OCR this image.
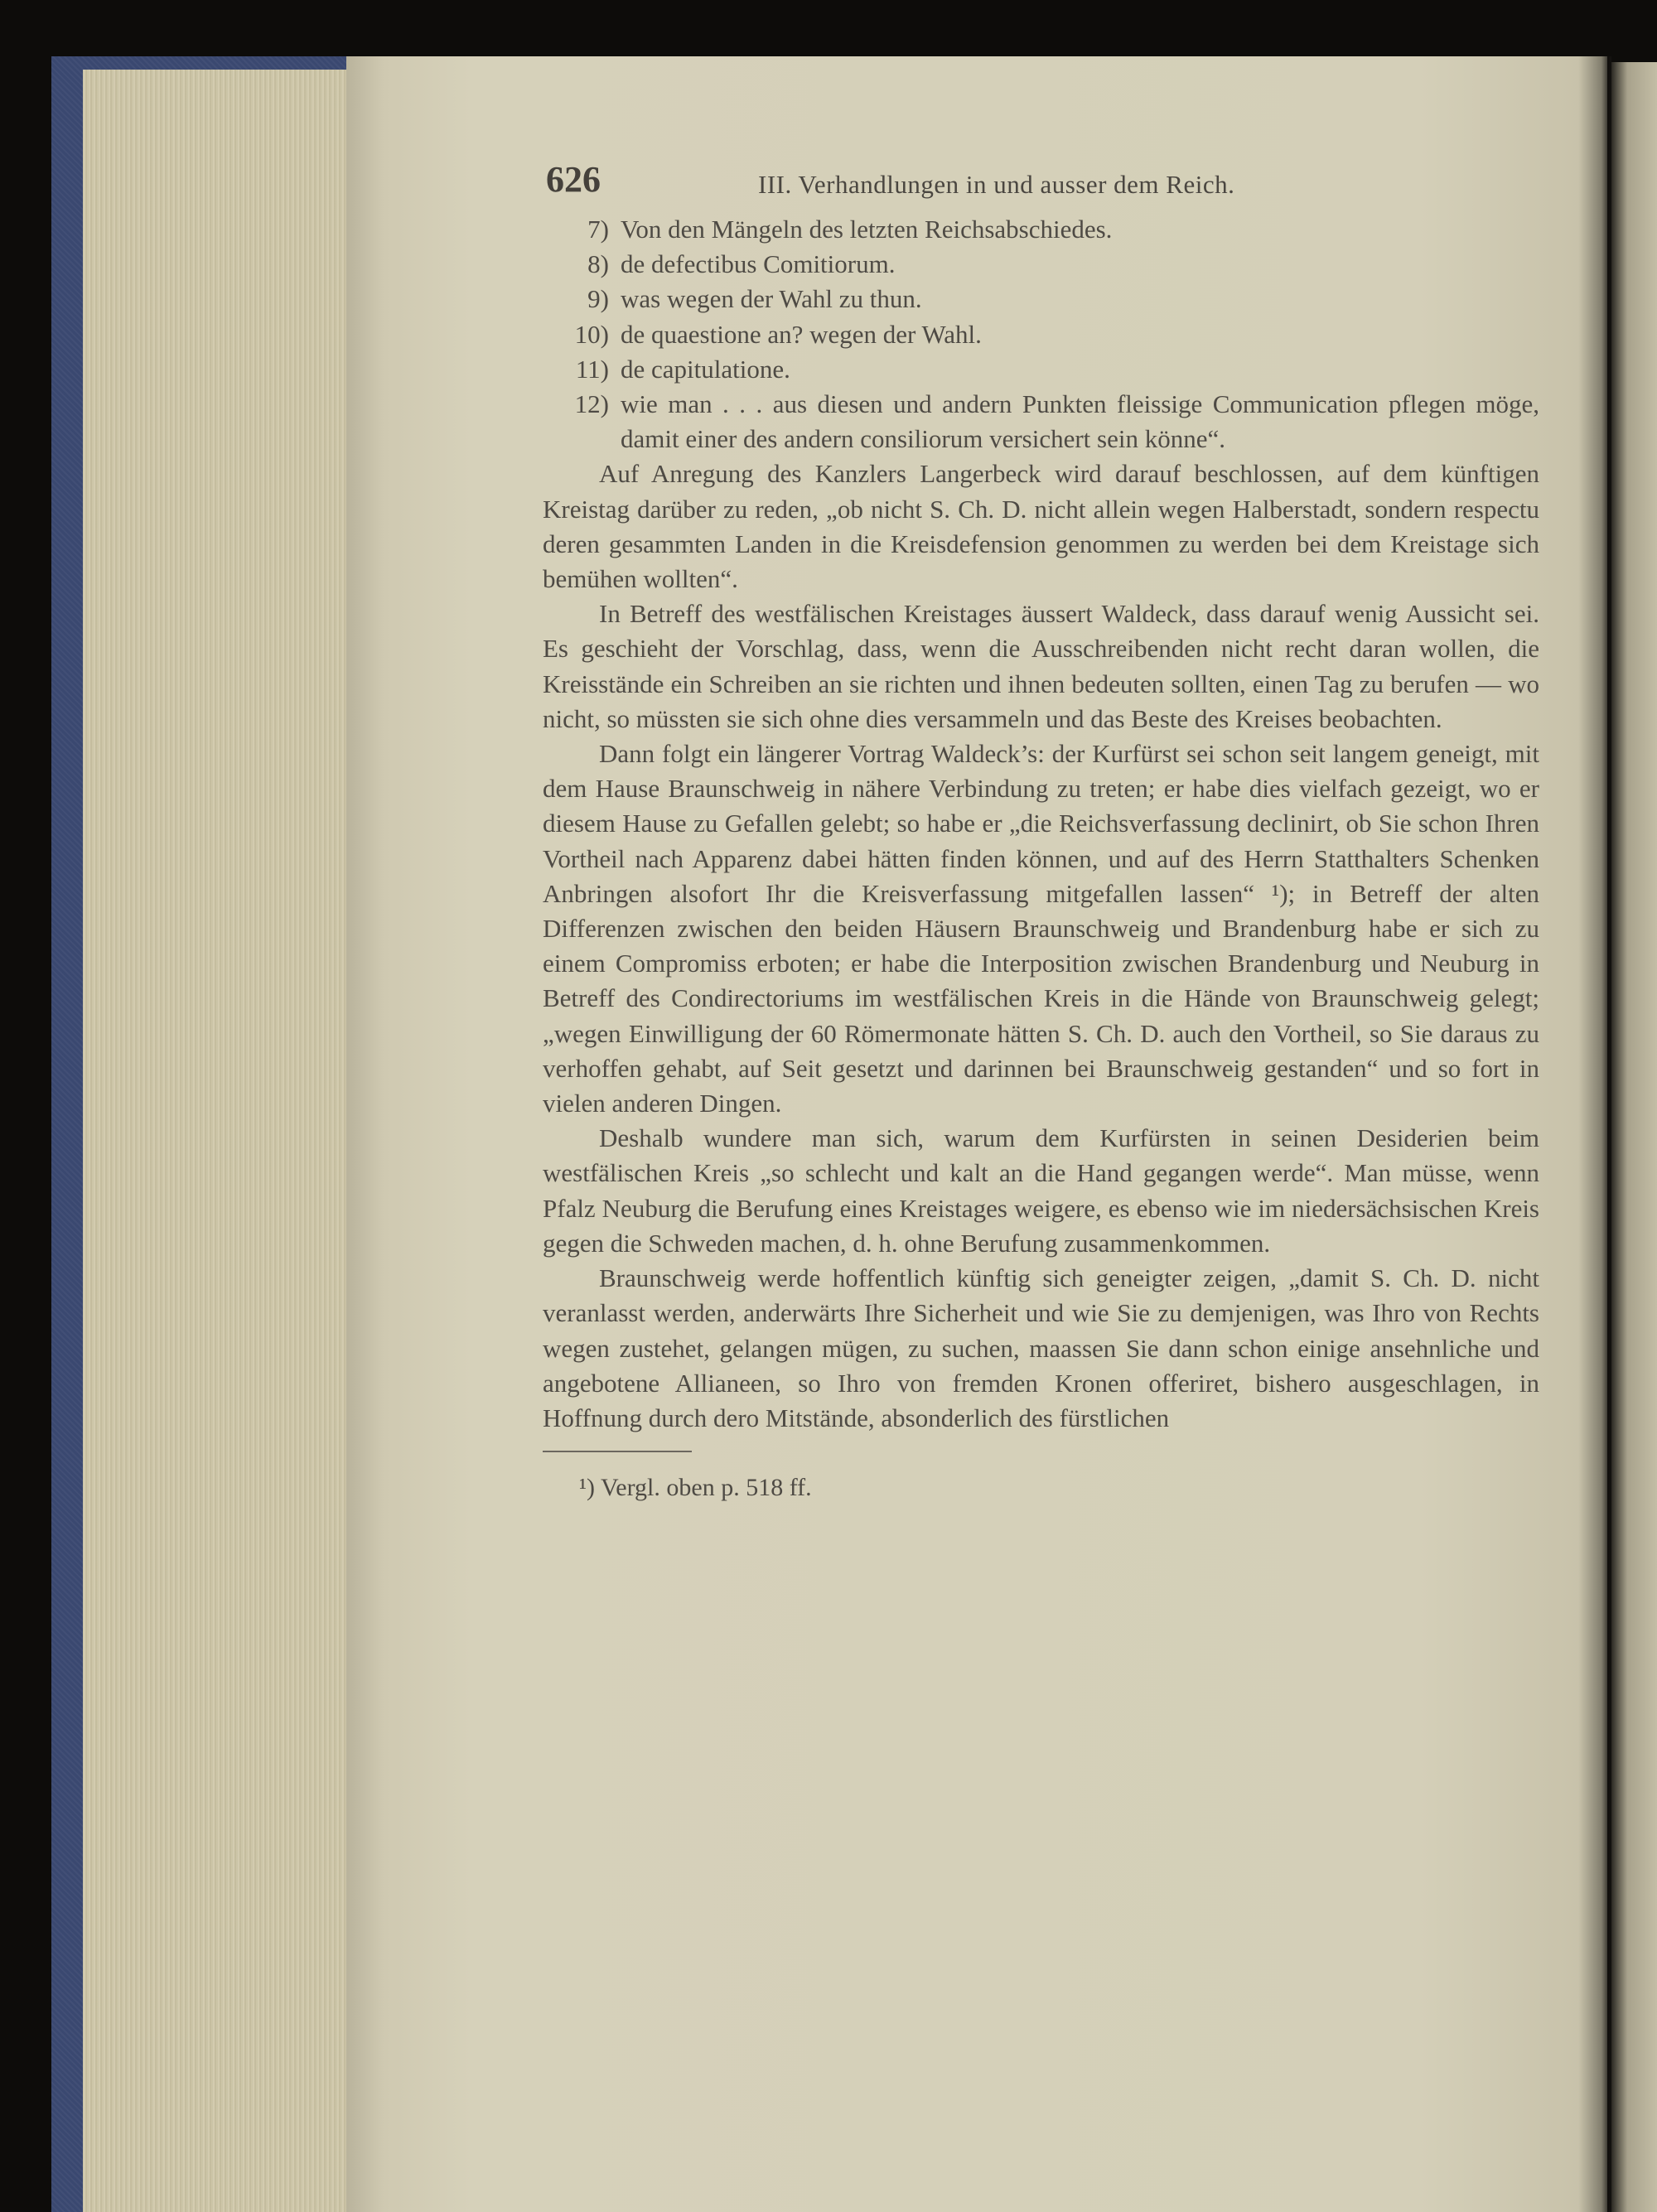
626	III. Verhandlungen in und ausser dem Reich.
7) Von den Mängeln des letzten Reichsabschiedes.
8) de defectibus Comitiorum.
9) was wegen der Wahl zu thun.
10) de quaestione an? wegen der Wahl.
11) de capitulatione.
12) wie man . . . aus diesen und andern Punkten fleissige Communication pflegen möge, damit einer des andern consiliorum versichert sein könne“.

Auf Anregung des Kanzlers Langerbeck wird darauf beschlossen, auf dem künftigen Kreistag darüber zu reden, „ob nicht S. Ch. D. nicht allein wegen Halberstadt, sondern respectu deren gesammten Landen in die Kreisdefension genommen zu werden bei dem Kreistage sich bemühen wollten“.

In Betreff des westfälischen Kreistages äussert Waldeck, dass darauf wenig Aussicht sei. Es geschieht der Vorschlag, dass, wenn die Ausschreibenden nicht recht daran wollen, die Kreisstände ein Schreiben an sie richten und ihnen bedeuten sollten, einen Tag zu berufen — wo nicht, so müssten sie sich ohne dies versammeln und das Beste des Kreises beobachten.

Dann folgt ein längerer Vortrag Waldeck’s: der Kurfürst sei schon seit langem geneigt, mit dem Hause Braunschweig in nähere Verbindung zu treten; er habe dies vielfach gezeigt, wo er diesem Hause zu Gefallen gelebt; so habe er „die Reichsverfassung declinirt, ob Sie schon Ihren Vortheil nach Apparenz dabei hätten finden können, und auf des Herrn Statthalters Schenken Anbringen alsofort Ihr die Kreisverfassung mitgefallen lassen“ ¹); in Betreff der alten Differenzen zwischen den beiden Häusern Braunschweig und Brandenburg habe er sich zu einem Compromiss erboten; er habe die Interposition zwischen Brandenburg und Neuburg in Betreff des Condirectoriums im westfälischen Kreis in die Hände von Braunschweig gelegt; „wegen Einwilligung der 60 Römermonate hätten S. Ch. D. auch den Vortheil, so Sie daraus zu verhoffen gehabt, auf Seit gesetzt und darinnen bei Braunschweig gestanden“ und so fort in vielen anderen Dingen.

Deshalb wundere man sich, warum dem Kurfürsten in seinen Desiderien beim westfälischen Kreis „so schlecht und kalt an die Hand gegangen werde“. Man müsse, wenn Pfalz Neuburg die Berufung eines Kreistages weigere, es ebenso wie im niedersächsischen Kreis gegen die Schweden machen, d. h. ohne Berufung zusammenkommen.

Braunschweig werde hoffentlich künftig sich geneigter zeigen, „damit S. Ch. D. nicht veranlasst werden, anderwärts Ihre Sicherheit und wie Sie zu demjenigen, was Ihro von Rechts wegen zustehet, gelangen mügen, zu suchen, maassen Sie dann schon einige ansehnliche und angebotene Allianeen, so Ihro von fremden Kronen offeriret, bishero ausgeschlagen, in Hoffnung durch dero Mitstände, absonderlich des fürstlichen

¹) Vergl. oben p. 518 ff.
